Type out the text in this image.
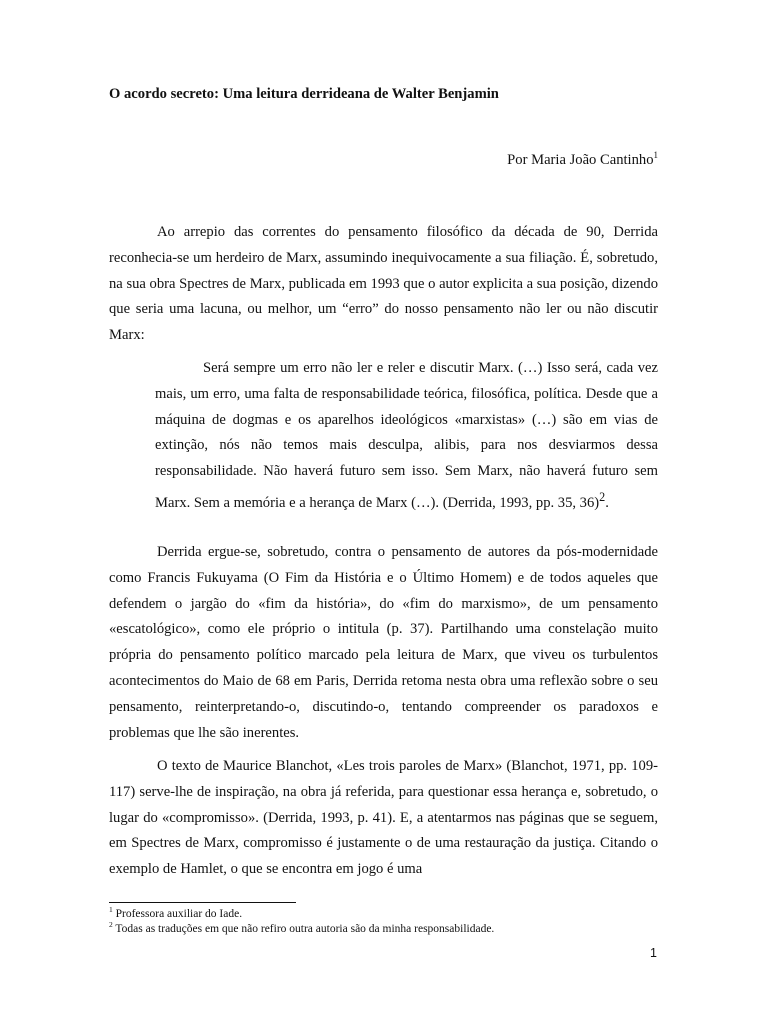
O acordo secreto: Uma leitura derrideana de Walter Benjamin
Por Maria João Cantinho$^1$
Ao arrepio das correntes do pensamento filosófico da década de 90, Derrida reconhecia-se um herdeiro de Marx, assumindo inequivocamente a sua filiação. É, sobretudo, na sua obra Spectres de Marx, publicada em 1993 que o autor explicita a sua posição, dizendo que seria uma lacuna, ou melhor, um “erro” do nosso pensamento não ler ou não discutir Marx:
Será sempre um erro não ler e reler e discutir Marx. (…) Isso será, cada vez mais, um erro, uma falta de responsabilidade teórica, filosófica, política. Desde que a máquina de dogmas e os aparelhos ideológicos «marxistas» (…) são em vias de extinção, nós não temos mais desculpa, alibis, para nos desviarmos dessa responsabilidade. Não haverá futuro sem isso. Sem Marx, não haverá futuro sem Marx. Sem a memória e a herança de Marx (…). (Derrida, 1993, pp. 35, 36)$^2$.
Derrida ergue-se, sobretudo, contra o pensamento de autores da pós-modernidade como Francis Fukuyama (O Fim da História e o Último Homem) e de todos aqueles que defendem o jargão do «fim da história», do «fim do marxismo», de um pensamento «escatológico», como ele próprio o intitula (p. 37). Partilhando uma constelação muito própria do pensamento político marcado pela leitura de Marx, que viveu os turbulentos acontecimentos do Maio de 68 em Paris, Derrida retoma nesta obra uma reflexão sobre o seu pensamento, reinterpretando-o, discutindo-o, tentando compreender os paradoxos e problemas que lhe são inerentes.
O texto de Maurice Blanchot, «Les trois paroles de Marx» (Blanchot, 1971, pp. 109-117) serve-lhe de inspiração, na obra já referida, para questionar essa herança e, sobretudo, o lugar do «compromisso». (Derrida, 1993, p. 41). E, a atentarmos nas páginas que se seguem, em Spectres de Marx, compromisso é justamente o de uma restauração da justiça. Citando o exemplo de Hamlet, o que se encontra em jogo é uma
$^1$ Professora auxiliar do Iade.
$^2$ Todas as traduções em que não refiro outra autoria são da minha responsabilidade.
1
